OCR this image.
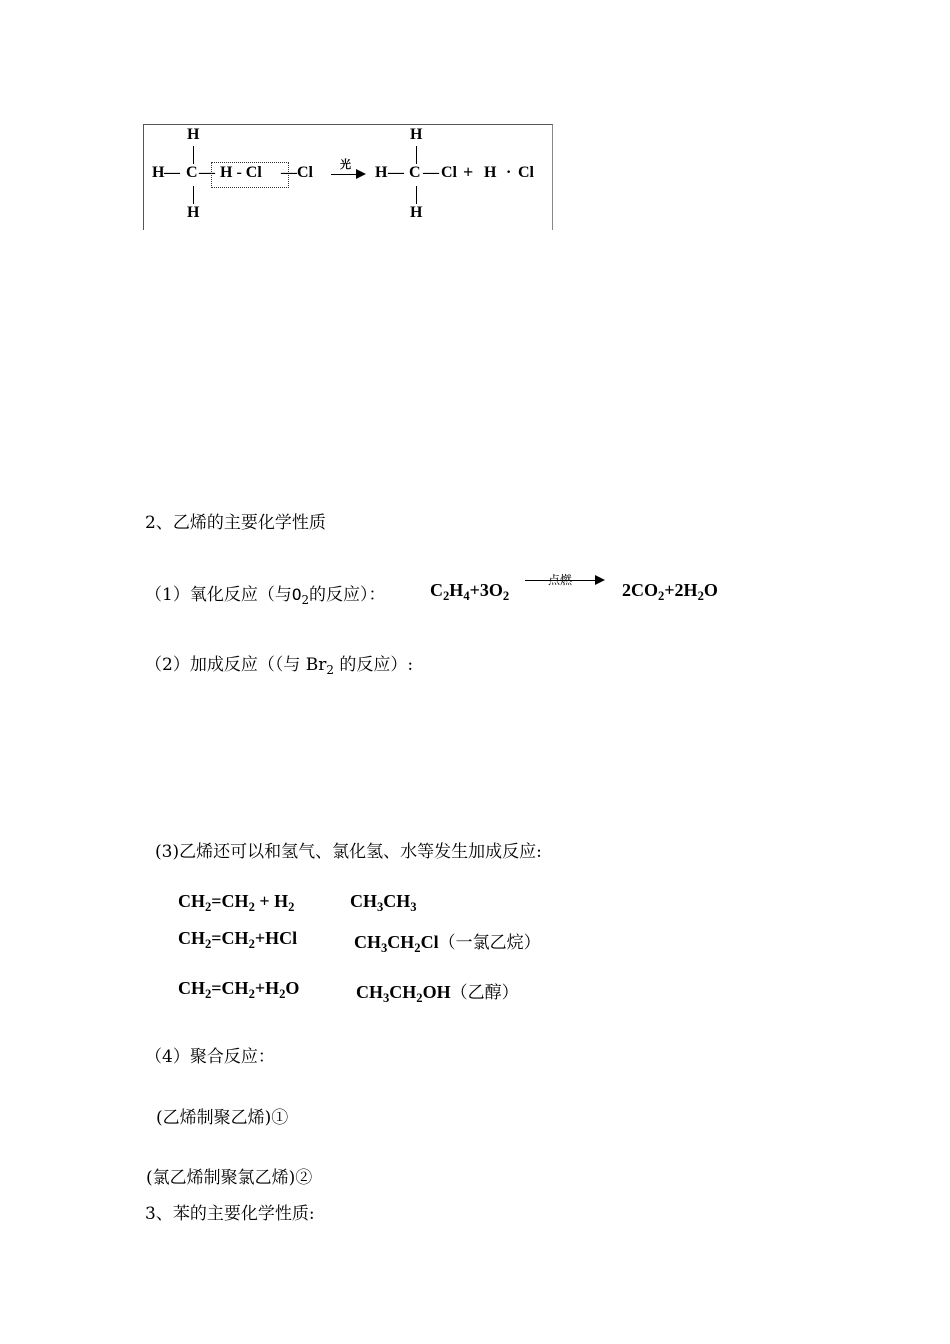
H
H — C — H - Cl — Cl
H
光
H
H — C — Cl + H · Cl
H
2、乙烯的主要化学性质
（1）氧化反应（与$O_2$的反应）： $C_2H_4+3O_2$
点燃	$2CO_2+2H_2O$
（2）加成反应（（与 $Br_2$ 的反应）:
(3)乙烯还可以和氢气、氯化氢、水等发生加成反应:
$CH_2=CH_2 + H_2$	$CH_3CH_3$
$CH_2=CH_2+HCl$	$CH_3CH_2Cl$（一氯乙烷）
$CH_2=CH_2+H_2O$	$CH_3CH_2OH$（乙醇）
（4）聚合反应：
(乙烯制聚乙烯)①
(氯乙烯制聚氯乙烯)②
3、苯的主要化学性质:
